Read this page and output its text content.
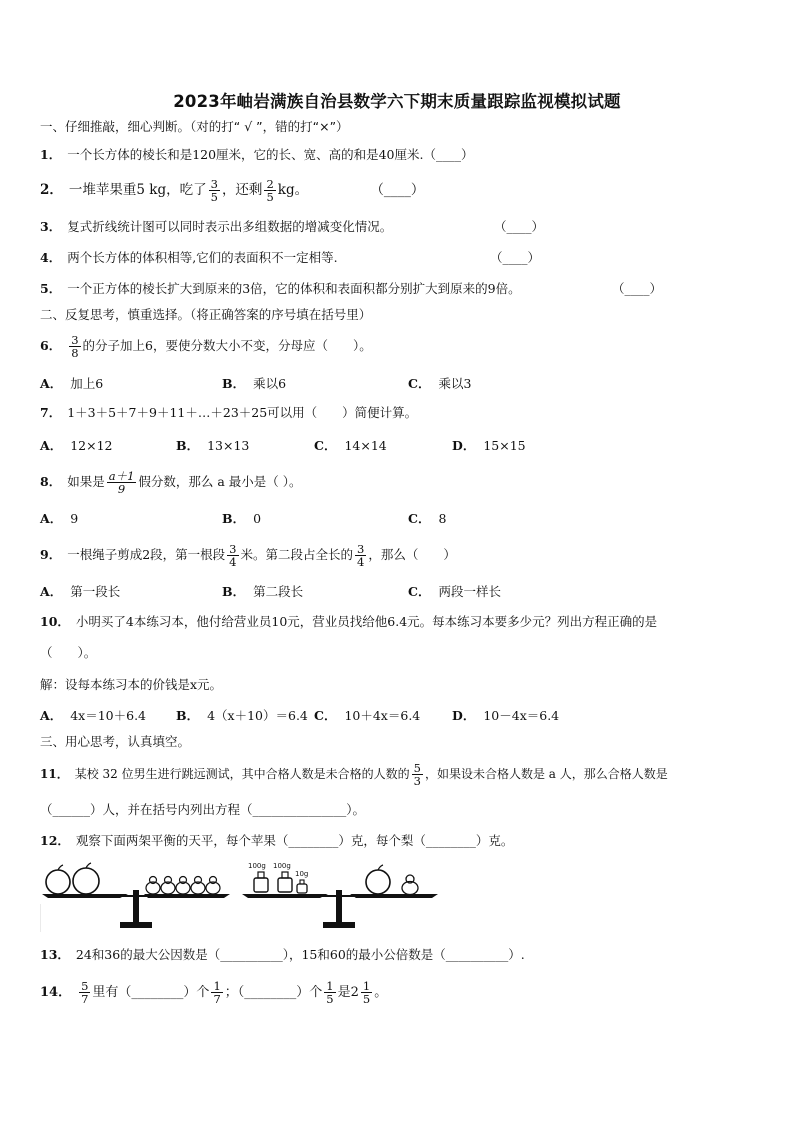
2023年岫岩满族自治县数学六下期末质量跟踪监视模拟试题
一、仔细推敲，细心判断。（对的打“ √ ”，错的打“×”）
1． 一个长方体的棱长和是120厘米，它的长、宽、高的和是40厘米.（____）
2． 一堆苹果重5 kg，吃了 $\frac{3}{5}$ ，还剩 $\frac{2}{5}$ kg。	（____）
3． 复式折线统计图可以同时表示出多组数据的增减变化情况。	（____）
4． 两个长方体的体积相等,它们的表面积不一定相等.	（____）
5． 一个正方体的棱长扩大到原来的3倍，它的体积和表面积都分别扩大到原来的9倍。	（____）
二、反复思考，慎重选择。（将正确答案的序号填在括号里）
6． $\frac{3}{8}$ 的分子加上6，要使分数大小不变，分母应（　　）。
A． 加上6	B． 乘以6	C． 乘以3
7． 1＋3＋5＋7＋9＋11＋…＋23＋25可以用（　　）简便计算。
A． 12×12	B． 13×13	C． 14×14	D． 15×15
8． 如果是 $\frac{a+1}{9}$ 假分数，那么 a 最小是（ ）。
A． 9	B． 0	C． 8
9． 一根绳子剪成2段，第一根段 $\frac{3}{4}$ 米。第二段占全长的 $\frac{3}{4}$ ，那么（　　）
A． 第一段长	B． 第二段长	C． 两段一样长
10． 小明买了4本练习本，他付给营业员10元，营业员找给他6.4元。每本练习本要多少元？列出方程正确的是
（　　）。
解：设每本练习本的价钱是x元。
A． 4x＝10＋6.4 B． 4（x＋10）＝6.4 C． 10＋4x＝6.4	D． 10－4x＝6.4
三、用心思考，认真填空。
11． 某校 32 位男生进行跳远测试，其中合格人数是未合格的人数的 $\frac{5}{3}$ ，如果设未合格人数是 a 人，那么合格人数是
（______）人，并在括号内列出方程（_______________）。
12． 观察下面两架平衡的天平，每个苹果（________）克，每个梨（________）克。
100g 100g
10g
13． 24和36的最大公因数是（__________），15和60的最小公倍数是（__________）.
14． $\frac{5}{7}$ 里有（________）个 $\frac{1}{7}$ ；（________）个 $\frac{1}{5}$ 是$2 \frac{1}{5}$ 。
